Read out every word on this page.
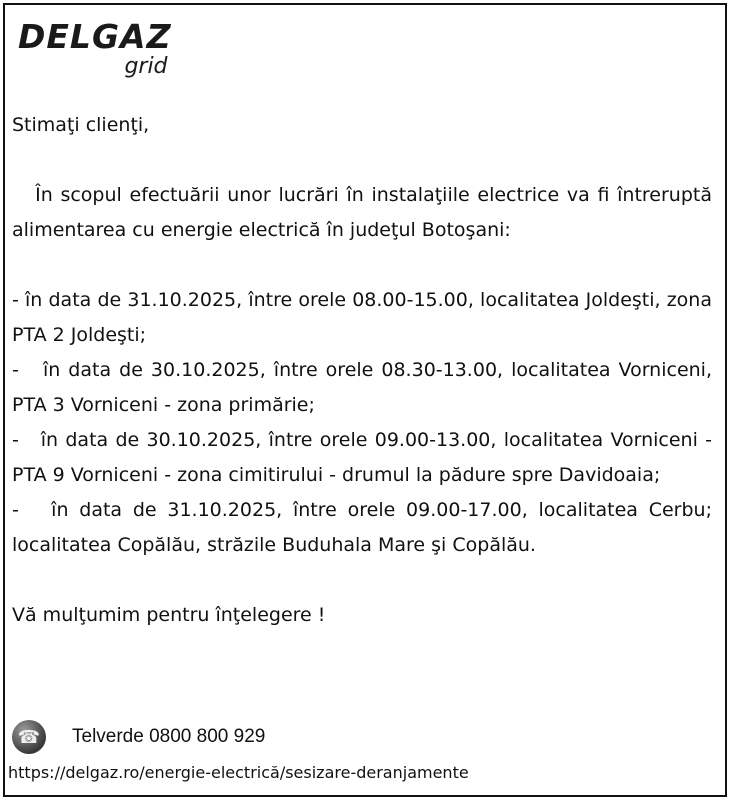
DELGAZ
grid

Stimaţi clienţi,

În scopul efectuării unor lucrări în instalaţiile electrice va fi întreruptă alimentarea cu energie electrică în judeţul Botoşani:

- în data de 31.10.2025, între orele 08.00-15.00, localitatea Joldeşti, zona PTA 2 Joldeşti;

-   în data de 30.10.2025, între orele 08.30-13.00, localitatea Vorniceni, PTA 3 Vorniceni - zona primărie;

-   în data de 30.10.2025, între orele 09.00-13.00, localitatea Vorniceni -PTA 9 Vorniceni - zona cimitirului - drumul la pădure spre Davidoaia;

-   în data de 31.10.2025, între orele 09.00-17.00, localitatea Cerbu; localitatea Copălău, străzile Buduhala Mare şi Copălău.

Vă mulţumim pentru înţelegere !

☎	Telverde 0800 800 929
https://delgaz.ro/energie-electrică/sesizare-deranjamente
